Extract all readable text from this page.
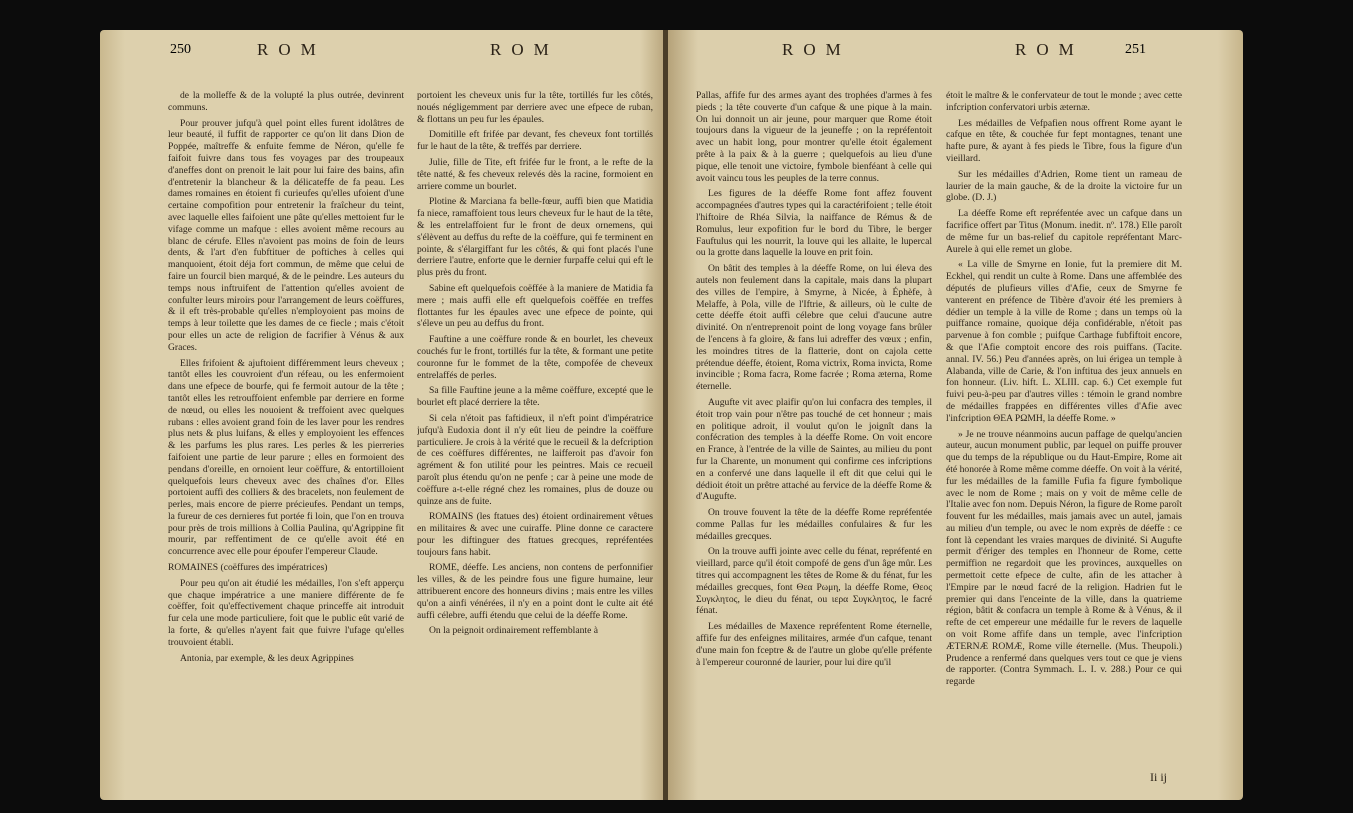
250	ROM	ROM	ROM	ROM	251

de la molleffe & de la volupté la plus outrée, devinrent communs.

Pour prouver jufqu'à quel point elles furent idolâtres de leur beauté, il fuffit de rapporter ce qu'on lit dans Dion de Poppée, maîtreffe & enfuite femme de Néron, qu'elle fe faifoit fuivre dans tous fes voyages par des troupeaux d'aneffes dont on prenoit le lait pour lui faire des bains, afin d'entretenir la blancheur & la délicateffe de fa peau. Les dames romaines en étoient fi curieufes qu'elles ufoient d'une certaine compofition pour entretenir la fraîcheur du teint, avec laquelle elles faifoient une pâte qu'elles mettoient fur le vifage comme un mafque : elles avoient même recours au blanc de cérufe. Elles n'avoient pas moins de foin de leurs dents, & l'art d'en fubftituer de poftiches à celles qui manquoient, étoit déja fort commun, de même que celui de faire un fourcil bien marqué, & de le peindre. Les auteurs du temps nous inftruifent de l'attention qu'elles avoient de confulter leurs miroirs pour l'arrangement de leurs coëffures, & il eft très-probable qu'elles n'employoient pas moins de temps à leur toilette que les dames de ce fiecle ; mais c'étoit pour elles un acte de religion de facrifier à Vénus & aux Graces.

Elles frifoient & ajuftoient différemment leurs cheveux ; tantôt elles les couvroient d'un réfeau, ou les enfermoient dans une efpece de bourfe, qui fe fermoit autour de la tête ; tantôt elles les retrouffoient enfemble par derriere en forme de nœud, ou elles les nouoient & treffoient avec quelques rubans : elles avoient grand foin de les laver pour les rendres plus nets & plus luifans, & elles y employoient les effences & les parfums les plus rares. Les perles & les pierreries faifoient une partie de leur parure ; elles en formoient des pendans d'oreille, en ornoient leur coëffure, & entortilloient quelquefois leurs cheveux avec des chaînes d'or. Elles portoient auffi des colliers & des bracelets, non feulement de perles, mais encore de pierre précieufes. Pendant un temps, la fureur de ces dernieres fut portée fi loin, que l'on en trouva pour près de trois millions à Collia Paulina, qu'Agrippine fit mourir, par reffentiment de ce qu'elle avoit été en concurrence avec elle pour époufer l'empereur Claude.

ROMAINES (coëffures des impératrices)

Pour peu qu'on ait étudié les médailles, l'on s'eft apperçu que chaque impératrice a une maniere différente de fe coëffer, foit qu'effectivement chaque princeffe ait introduit fur cela une mode particuliere, foit que le public eût varié de la forte, & qu'elles n'ayent fait que fuivre l'ufage qu'elles trouvoient établi.

Antonia, par exemple, & les deux Agrippines

portoient les cheveux unis fur la tête, tortillés fur les côtés, noués négligemment par derriere avec une efpece de ruban, & flottans un peu fur les épaules.

Domitille eft frifée par devant, fes cheveux font tortillés fur le haut de la tête, & treffés par derriere.

Julie, fille de Tite, eft frifée fur le front, a le refte de la tête natté, & fes cheveux relevés dès la racine, formoient en arriere comme un bourlet.

Plotine & Marciana fa belle-fœur, auffi bien que Matidia fa niece, ramaffoient tous leurs cheveux fur le haut de la tête, & les entrelaffoient fur le front de deux ornemens, qui s'élèvent au deffus du refte de la coëffure, qui fe terminent en pointe, & s'élargiffant fur les côtés, & qui font placés l'une derriere l'autre, enforte que le dernier furpaffe celui qui eft le plus près du front.

Sabine eft quelquefois coëffée à la maniere de Matidia fa mere ; mais auffi elle eft quelquefois coëffée en treffes flottantes fur les épaules avec une efpece de pointe, qui s'éleve un peu au deffus du front.

Fauftine a une coëffure ronde & en bourlet, les cheveux couchés fur le front, tortillés fur la tête, & formant une petite couronne fur le fommet de la tête, compofée de cheveux entrelaffés de perles.

Sa fille Fauftine jeune a la même coëffure, excepté que le bourlet eft placé derriere la tête.

Si cela n'étoit pas faftidieux, il n'eft point d'impératrice jufqu'à Eudoxia dont il n'y eût lieu de peindre la coëffure particuliere. Je crois à la vérité que le recueil & la defcription de ces coëffures différentes, ne laifferoit pas d'avoir fon agrément & fon utilité pour les peintres. Mais ce recueil paroît plus étendu qu'on ne penfe ; car à peine une mode de coëffure a-t-elle régné chez les romaines, plus de douze ou quinze ans de fuite.

ROMAINS (les ftatues des) étoient ordinairement vêtues en militaires & avec une cuiraffe. Pline donne ce caractere pour les diftinguer des ftatues grecques, repréfentées toujours fans habit.

ROME, déeffe. Les anciens, non contens de perfonnifier les villes, & de les peindre fous une figure humaine, leur attribuerent encore des honneurs divins ; mais entre les villes qu'on a ainfi vénérées, il n'y en a point dont le culte ait été auffi célebre, auffi étendu que celui de la déeffe Rome.

On la peignoit ordinairement reffemblante à

Pallas, affife fur des armes ayant des trophées d'armes à fes pieds ; la tête couverte d'un cafque & une pique à la main. On lui donnoit un air jeune, pour marquer que Rome étoit toujours dans la vigueur de la jeuneffe ; on la repréfentoit avec un habit long, pour montrer qu'elle étoit également prête à la paix & à la guerre ; quelquefois au lieu d'une pique, elle tenoit une victoire, fymbole bienféant à celle qui avoit vaincu tous les peuples de la terre connus.

Les figures de la déeffe Rome font affez fouvent accompagnées d'autres types qui la caractérifoient ; telle étoit l'hiftoire de Rhéa Silvia, la naiffance de Rémus & de Romulus, leur expofition fur le bord du Tibre, le berger Fauftulus qui les nourrit, la louve qui les allaite, le lupercal ou la grotte dans laquelle la louve en prit foin.

On bâtit des temples à la déeffe Rome, on lui éleva des autels non feulement dans la capitale, mais dans la plupart des villes de l'empire, à Smyrne, à Nicée, à Éphèfe, à Melaffe, à Pola, ville de l'Iftrie, & ailleurs, où le culte de cette déeffe étoit auffi célebre que celui d'aucune autre divinité. On n'entreprenoit point de long voyage fans brûler de l'encens à fa gloire, & fans lui adreffer des vœux ; enfin, les moindres titres de la flatterie, dont on cajola cette prétendue déeffe, étoient, Roma victrix, Roma invicta, Rome invincible ; Roma facra, Rome facrée ; Roma æterna, Rome éternelle.

Augufte vit avec plaifir qu'on lui confacra des temples, il étoit trop vain pour n'être pas touché de cet honneur ; mais en politique adroit, il voulut qu'on le joignît dans la confécration des temples à la déeffe Rome. On voit encore en France, à l'entrée de la ville de Saintes, au milieu du pont fur la Charente, un monument qui confirme ces infcriptions en a confervé une dans laquelle il eft dit que celui qui le dédioit étoit un prêtre attaché au fervice de la déeffe Rome & d'Augufte.

On trouve fouvent la tête de la déeffe Rome repréfentée comme Pallas fur les médailles confulaires & fur les médailles grecques.

On la trouve auffi jointe avec celle du fénat, repréfenté en vieillard, parce qu'il étoit compofé de gens d'un âge mûr. Les titres qui accompagnent les têtes de Rome & du fénat, fur les médailles grecques, font Θεα Ρωμη, la déeffe Rome, Θεος Συγκλητος, le dieu du fénat, ou ιερα Συγκλητος, le facré fénat.

Les médailles de Maxence repréfentent Rome éternelle, affife fur des enfeignes militaires, armée d'un cafque, tenant d'une main fon fceptre & de l'autre un globe qu'elle préfente à l'empereur couronné de laurier, pour lui dire qu'il

étoit le maître & le confervateur de tout le monde ; avec cette infcription confervatori urbis æternæ.

Les médailles de Vefpafien nous offrent Rome ayant le cafque en tête, & couchée fur fept montagnes, tenant une hafte pure, & ayant à fes pieds le Tibre, fous la figure d'un vieillard.

Sur les médailles d'Adrien, Rome tient un rameau de laurier de la main gauche, & de la droite la victoire fur un globe. (D. J.)

La déeffe Rome eft repréfentée avec un cafque dans un facrifice offert par Titus (Monum. inedit. nº. 178.) Elle paroît de même fur un bas-relief du capitole repréfentant Marc-Aurele à qui elle remet un globe.

« La ville de Smyrne en Ionie, fut la premiere dit M. Eckhel, qui rendit un culte à Rome. Dans une affemblée des députés de plufieurs villes d'Afie, ceux de Smyrne fe vanterent en préfence de Tibère d'avoir été les premiers à dédier un temple à la ville de Rome ; dans un temps où la puiffance romaine, quoique déja confidérable, n'étoit pas parvenue à fon comble ; puifque Carthage fubfiftoit encore, & que l'Afie comptoit encore des rois puiffans. (Tacite. annal. IV. 56.) Peu d'années après, on lui érigea un temple à Alabanda, ville de Carie, & l'on inftitua des jeux annuels en fon honneur. (Liv. hift. L. XLIII. cap. 6.) Cet exemple fut fuivi peu-à-peu par d'autres villes : témoin le grand nombre de médailles frappées en différentes villes d'Afie avec l'infcription ΘΕΑ ΡΩΜΗ, la déeffe Rome. »

» Je ne trouve néanmoins aucun paffage de quelqu'ancien auteur, aucun monument public, par lequel on puiffe prouver que du temps de la république ou du Haut-Empire, Rome ait été honorée à Rome même comme déeffe. On voit à la vérité, fur les médailles de la famille Fufia fa figure fymbolique avec le nom de Rome ; mais on y voit de même celle de l'Italie avec fon nom. Depuis Néron, la figure de Rome paroît fouvent fur les médailles, mais jamais avec un autel, jamais au milieu d'un temple, ou avec le nom exprès de déeffe : ce font là cependant les vraies marques de divinité. Si Augufte permit d'ériger des temples en l'honneur de Rome, cette permiffion ne regardoit que les provinces, auxquelles on permettoit cette efpece de culte, afin de les attacher à l'Empire par le nœud facré de la religion. Hadrien fut le premier qui dans l'enceinte de la ville, dans la quatrieme région, bâtit & confacra un temple à Rome & à Vénus, & il refte de cet empereur une médaille fur le revers de laquelle on voit Rome affife dans un temple, avec l'infcription ÆTERNÆ ROMÆ, Rome ville éternelle. (Mus. Theupoli.) Prudence a renfermé dans quelques vers tout ce que je viens de rapporter. (Contra Symmach. L. I. v. 288.) Pour ce qui regarde

Ii ij
